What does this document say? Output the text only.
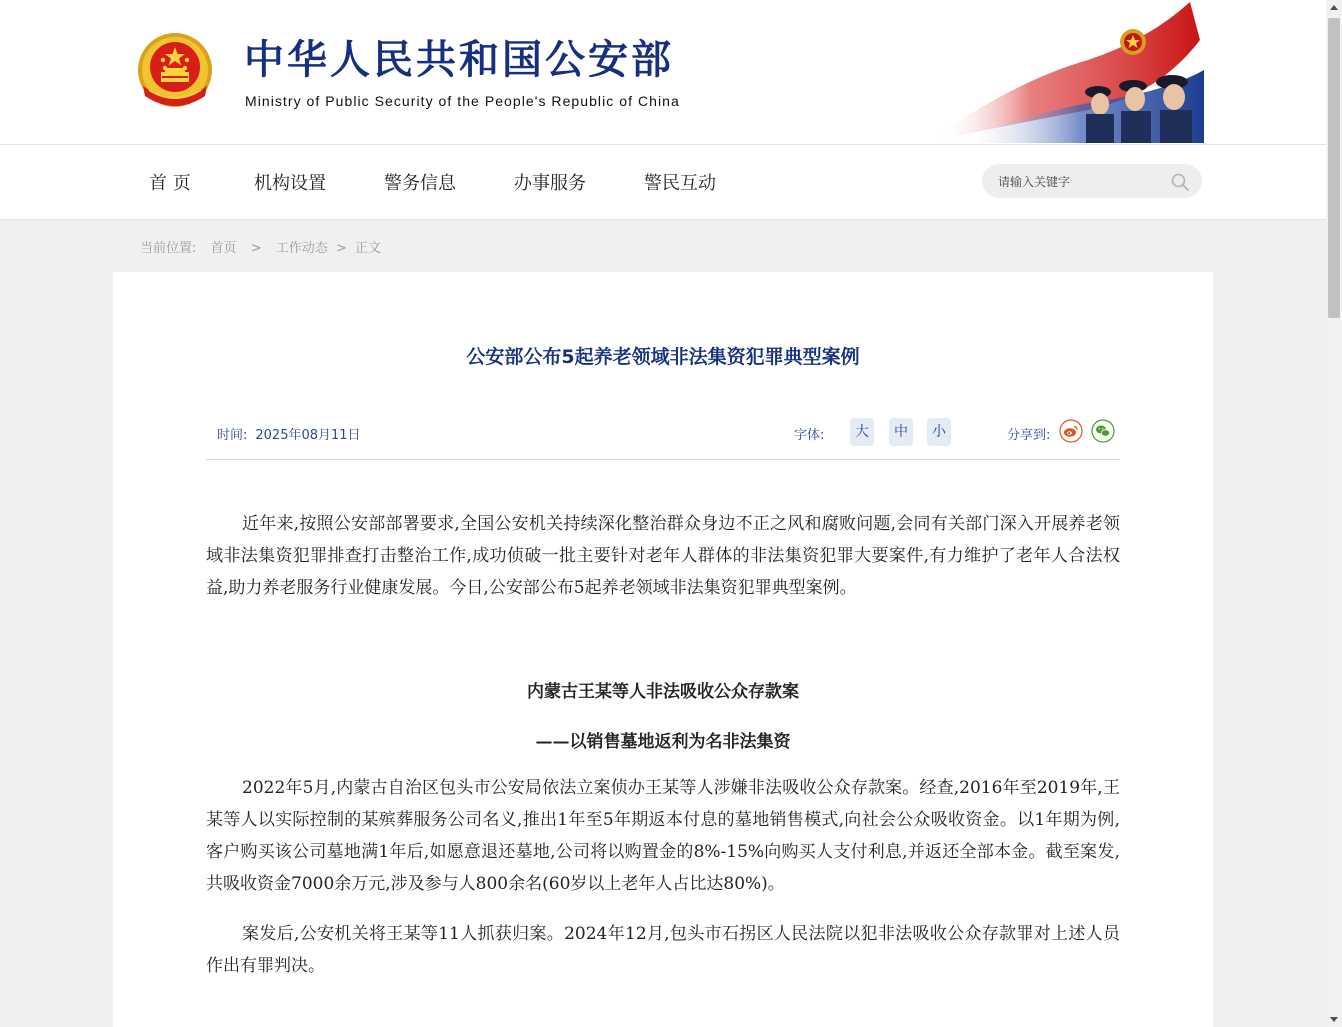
中华人民共和国公安部
Ministry of Public Security of the People's Republic of China
首 页	机构设置	警务信息	办事服务	警民互动
请输入关键字
当前位置: 首页 > 工作动态 > 正文
公安部公布5起养老领域非法集资犯罪典型案例
时间: 2025年08月11日	字体:	大	中	小	分享到:

近年来,按照公安部部署要求,全国公安机关持续深化整治群众身边不正之风和腐败问题,会同有关部门深入开展养老领域非法集资犯罪排查打击整治工作,成功侦破一批主要针对老年人群体的非法集资犯罪大要案件,有力维护了老年人合法权益,助力养老服务行业健康发展。今日,公安部公布5起养老领域非法集资犯罪典型案例。

内蒙古王某等人非法吸收公众存款案
——以销售墓地返利为名非法集资

2022年5月,内蒙古自治区包头市公安局依法立案侦办王某等人涉嫌非法吸收公众存款案。经查,2016年至2019年,王某等人以实际控制的某殡葬服务公司名义,推出1年至5年期返本付息的墓地销售模式,向社会公众吸收资金。以1年期为例,客户购买该公司墓地满1年后,如愿意退还墓地,公司将以购置金的8%-15%向购买人支付利息,并返还全部本金。截至案发,共吸收资金7000余万元,涉及参与人800余名(60岁以上老年人占比达80%)。

案发后,公安机关将王某等11人抓获归案。2024年12月,包头市石拐区人民法院以犯非法吸收公众存款罪对上述人员作出有罪判决。
